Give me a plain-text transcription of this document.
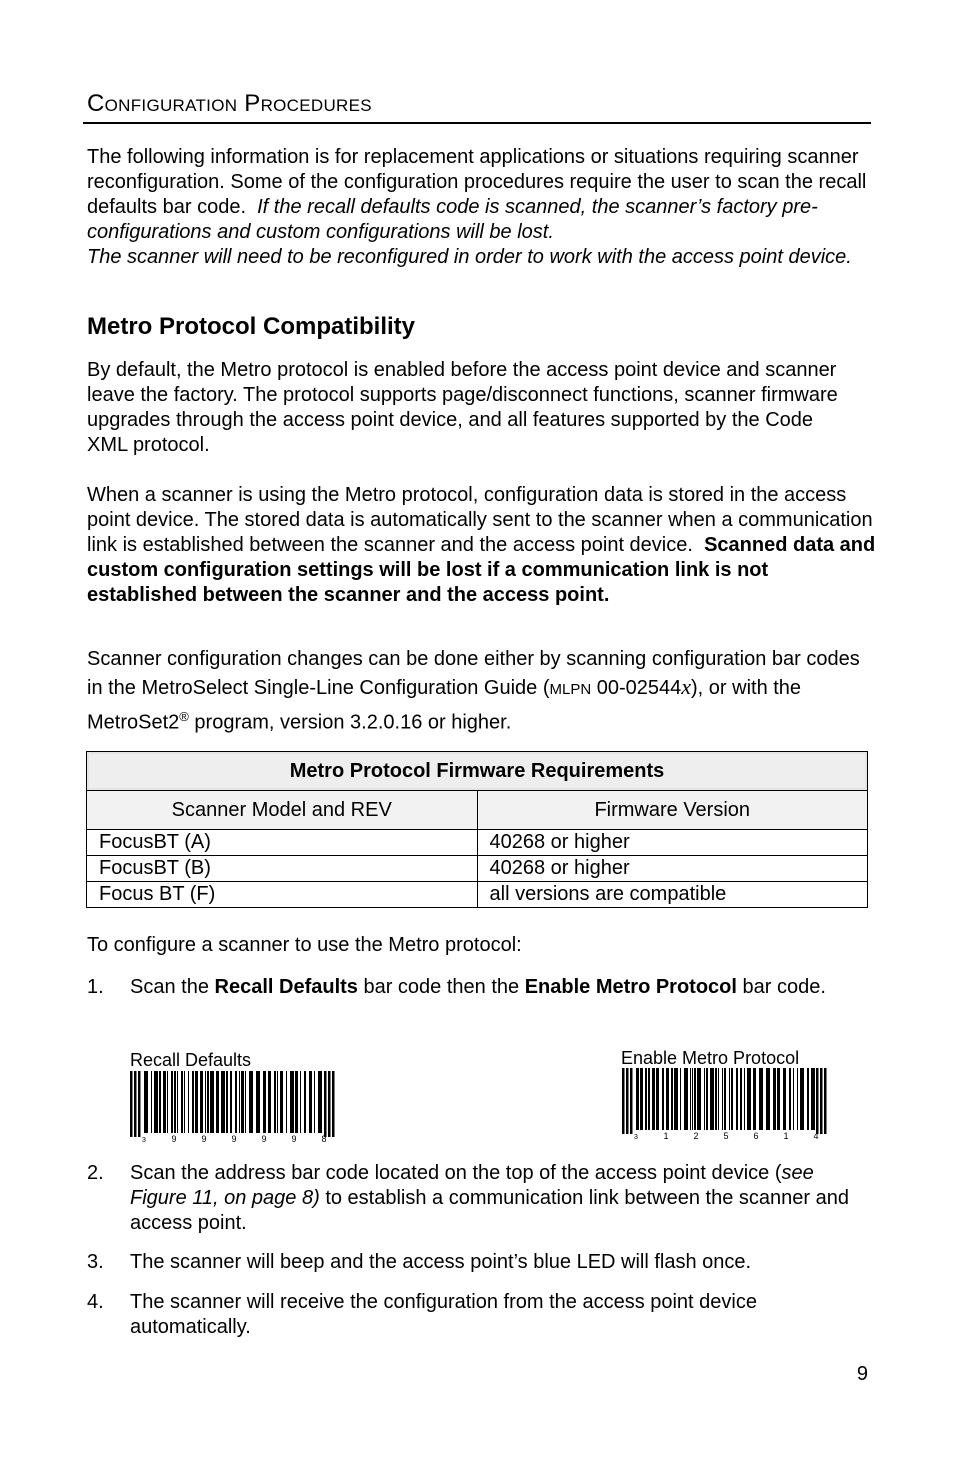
Configuration Procedures

The following information is for replacement applications or situations requiring scanner reconfiguration. Some of the configuration procedures require the user to scan the recall defaults bar code. If the recall defaults code is scanned, the scanner’s factory pre-configurations and custom configurations will be lost.
The scanner will need to be reconfigured in order to work with the access point device.

Metro Protocol Compatibility

By default, the Metro protocol is enabled before the access point device and scanner leave the factory. The protocol supports page/disconnect functions, scanner firmware upgrades through the access point device, and all features supported by the Code XML protocol.

When a scanner is using the Metro protocol, configuration data is stored in the access point device. The stored data is automatically sent to the scanner when a communication link is established between the scanner and the access point device. Scanned data and custom configuration settings will be lost if a communication link is not established between the scanner and the access point.

Scanner configuration changes can be done either by scanning configuration bar codes in the MetroSelect Single-Line Configuration Guide (MLPN 00-02544x), or with the MetroSet2® program, version 3.2.0.16 or higher.

Metro Protocol Firmware Requirements	
Scanner Model and REV	Firmware Version
FocusBT (A)	40268 or higher
FocusBT (B)	40268 or higher
Focus BT (F)	all versions are compatible
To configure a scanner to use the Metro protocol:
1. Scan the Recall Defaults bar code then the Enable Metro Protocol bar code.
Recall Defaults
3	9	9	9	9	9	8
Enable Metro Protocol
3	1	2	5	6	1	4
2. Scan the address bar code located on the top of the access point device (see Figure 11, on page 8) to establish a communication link between the scanner and access point.
3. The scanner will beep and the access point’s blue LED will flash once.
4. The scanner will receive the configuration from the access point device automatically.
9
